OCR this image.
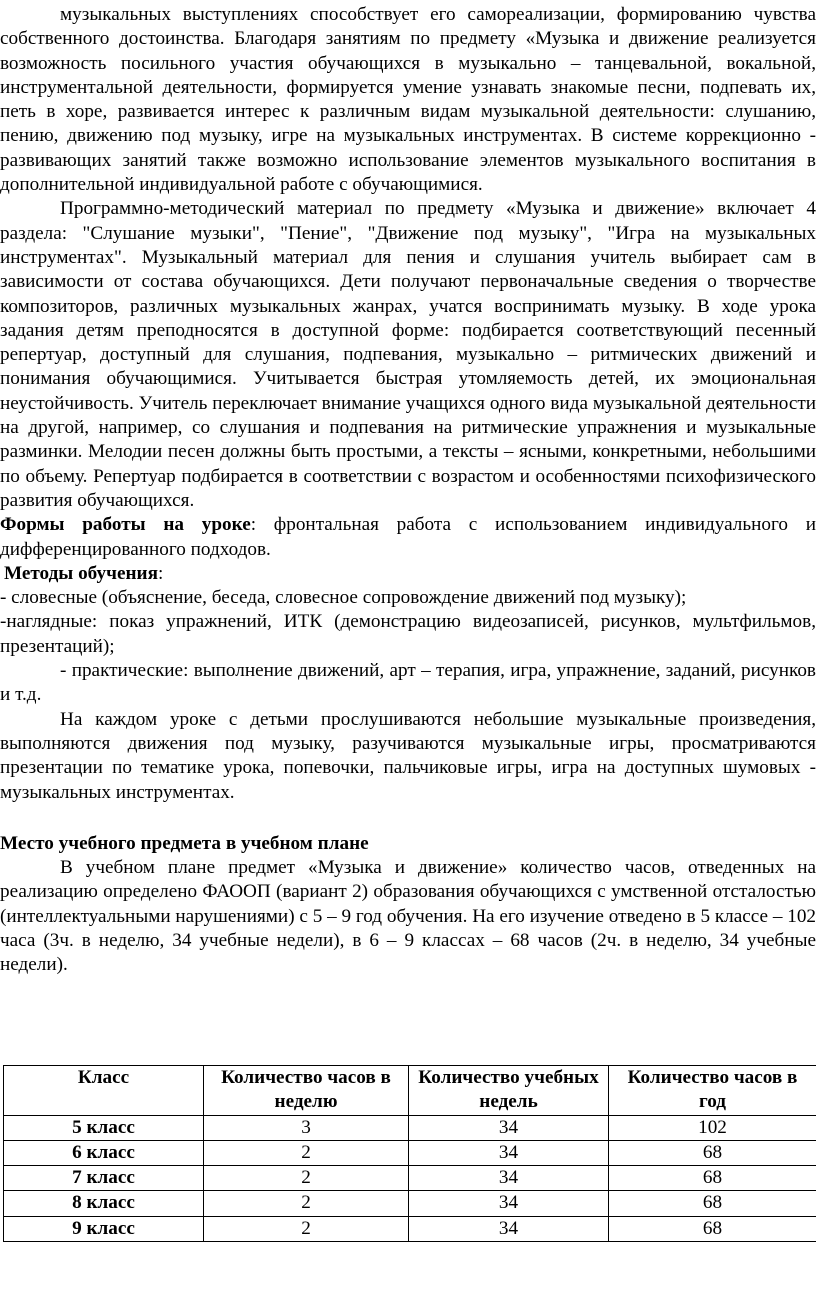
музыкальных выступлениях способствует его самореализации, формированию чувства собственного достоинства. Благодаря занятиям по предмету «Музыка и движение реализуется возможность посильного участия обучающихся в музыкально – танцевальной, вокальной, инструментальной деятельности, формируется умение узнавать знакомые песни, подпевать их, петь в хоре, развивается интерес к различным видам музыкальной деятельности: слушанию, пению, движению под музыку, игре на музыкальных инструментах. В системе коррекционно - развивающих занятий также возможно использование элементов музыкального воспитания в дополнительной индивидуальной работе с обучающимися.

Программно-методический материал по предмету «Музыка и движение» включает 4 раздела: "Слушание музыки", "Пение", "Движение под музыку", "Игра на музыкальных инструментах". Музыкальный материал для пения и слушания учитель выбирает сам в зависимости от состава обучающихся. Дети получают первоначальные сведения о творчестве композиторов, различных музыкальных жанрах, учатся воспринимать музыку. В ходе урока задания детям преподносятся в доступной форме: подбирается соответствующий песенный репертуар, доступный для слушания, подпевания, музыкально – ритмических движений и понимания обучающимися. Учитывается быстрая утомляемость детей, их эмоциональная неустойчивость. Учитель переключает внимание учащихся одного вида музыкальной деятельности на другой, например, со слушания и подпевания на ритмические упражнения и музыкальные разминки. Мелодии песен должны быть простыми, а тексты – ясными, конкретными, небольшими по объему. Репертуар подбирается в соответствии с возрастом и особенностями психофизического развития обучающихся.

Формы работы на уроке: фронтальная работа с использованием индивидуального и дифференцированного подходов.

Методы обучения:

- словесные (объяснение, беседа, словесное сопровождение движений под музыку);

-наглядные: показ упражнений, ИТК (демонстрацию видеозаписей, рисунков, мультфильмов, презентаций);

- практические: выполнение движений, арт – терапия, игра, упражнение, заданий, рисунков и т.д.

На каждом уроке с детьми прослушиваются небольшие музыкальные произведения, выполняются движения под музыку, разучиваются музыкальные игры, просматриваются презентации по тематике урока, попевочки, пальчиковые игры, игра на доступных шумовых - музыкальных инструментах.

Место учебного предмета в учебном плане

В учебном плане предмет «Музыка и движение» количество часов, отведенных на реализацию определено ФАООП (вариант 2) образования обучающихся с умственной отсталостью (интеллектуальными нарушениями) с 5 – 9 год обучения. На его изучение отведено в 5 классе – 102 часа (3ч. в неделю, 34 учебные недели), в 6 – 9 классах – 68 часов (2ч. в неделю, 34 учебные недели).

Класс	Количество часов в неделю	Количество учебных недель	Количество часов в год
5 класс	3	34	102
6 класс	2	34	68
7 класс	2	34	68
8 класс	2	34	68
9 класс	2	34	68
